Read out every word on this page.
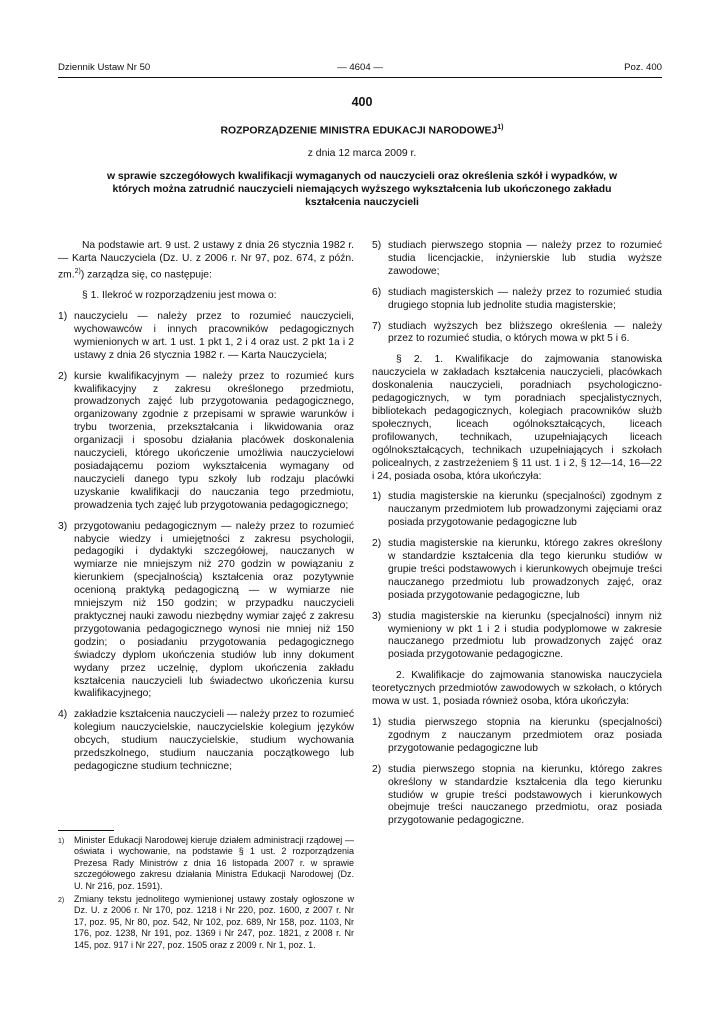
Dziennik Ustaw Nr 50	— 4604 —	Poz. 400
400
ROZPORZĄDZENIE MINISTRA EDUKACJI NARODOWEJ$^{1)}$
z dnia 12 marca 2009 r.
w sprawie szczegółowych kwalifikacji wymaganych od nauczycieli oraz określenia szkół i wypadków, w których można zatrudnić nauczycieli niemających wyższego wykształcenia lub ukończonego zakładu kształcenia nauczycieli

Na podstawie art. 9 ust. 2 ustawy z dnia 26 stycznia 1982 r. — Karta Nauczyciela (Dz. U. z 2006 r. Nr 97, poz. 674, z późn. zm.$^{2)}$) zarządza się, co następuje:

§ 1. Ilekroć w rozporządzeniu jest mowa o:

1) nauczycielu — należy przez to rozumieć nauczycieli, wychowawców i innych pracowników pedagogicznych wymienionych w art. 1 ust. 1 pkt 1, 2 i 4 oraz ust. 2 pkt 1a i 2 ustawy z dnia 26 stycznia 1982 r. — Karta Nauczyciela;
2) kursie kwalifikacyjnym — należy przez to rozumieć kurs kwalifikacyjny z zakresu określonego przedmiotu, prowadzonych zajęć lub przygotowania pedagogicznego, organizowany zgodnie z przepisami w sprawie warunków i trybu tworzenia, przekształcania i likwidowania oraz organizacji i sposobu działania placówek doskonalenia nauczycieli, którego ukończenie umożliwia nauczycielowi posiadającemu poziom wykształcenia wymagany od nauczycieli danego typu szkoły lub rodzaju placówki uzyskanie kwalifikacji do nauczania tego przedmiotu, prowadzenia tych zajęć lub przygotowania pedagogicznego;
3) przygotowaniu pedagogicznym — należy przez to rozumieć nabycie wiedzy i umiejętności z zakresu psychologii, pedagogiki i dydaktyki szczegółowej, nauczanych w wymiarze nie mniejszym niż 270 godzin w powiązaniu z kierunkiem (specjalnością) kształcenia oraz pozytywnie ocenioną praktyką pedagogiczną — w wymiarze nie mniejszym niż 150 godzin; w przypadku nauczycieli praktycznej nauki zawodu niezbędny wymiar zajęć z zakresu przygotowania pedagogicznego wynosi nie mniej niż 150 godzin; o posiadaniu przygotowania pedagogicznego świadczy dyplom ukończenia studiów lub inny dokument wydany przez uczelnię, dyplom ukończenia zakładu kształcenia nauczycieli lub świadectwo ukończenia kursu kwalifikacyjnego;
4) zakładzie kształcenia nauczycieli — należy przez to rozumieć kolegium nauczycielskie, nauczycielskie kolegium języków obcych, studium nauczycielskie, studium wychowania przedszkolnego, studium nauczania początkowego lub pedagogiczne studium techniczne;
1)	Minister Edukacji Narodowej kieruje działem administracji rządowej — oświata i wychowanie, na podstawie § 1 ust. 2 rozporządzenia Prezesa Rady Ministrów z dnia 16 listopada 2007 r. w sprawie szczegółowego zakresu działania Ministra Edukacji Narodowej (Dz. U. Nr 216, poz. 1591).
2)	Zmiany tekstu jednolitego wymienionej ustawy zostały ogłoszone w Dz. U. z 2006 r. Nr 170, poz. 1218 i Nr 220, poz. 1600, z 2007 r. Nr 17, poz. 95, Nr 80, poz. 542, Nr 102, poz. 689, Nr 158, poz. 1103, Nr 176, poz. 1238, Nr 191, poz. 1369 i Nr 247, poz. 1821, z 2008 r. Nr 145, poz. 917 i Nr 227, poz. 1505 oraz z 2009 r. Nr 1, poz. 1.
5) studiach pierwszego stopnia — należy przez to rozumieć studia licencjackie, inżynierskie lub studia wyższe zawodowe;
6) studiach magisterskich — należy przez to rozumieć studia drugiego stopnia lub jednolite studia magisterskie;
7) studiach wyższych bez bliższego określenia — należy przez to rozumieć studia, o których mowa w pkt 5 i 6.

§ 2. 1. Kwalifikacje do zajmowania stanowiska nauczyciela w zakładach kształcenia nauczycieli, placówkach doskonalenia nauczycieli, poradniach psychologiczno-pedagogicznych, w tym poradniach specjalistycznych, bibliotekach pedagogicznych, kolegiach pracowników służb społecznych, liceach ogólnokształcących, liceach profilowanych, technikach, uzupełniających liceach ogólnokształcących, technikach uzupełniających i szkołach policealnych, z zastrzeżeniem § 11 ust. 1 i 2, § 12—14, 16—22 i 24, posiada osoba, która ukończyła:

1) studia magisterskie na kierunku (specjalności) zgodnym z nauczanym przedmiotem lub prowadzonymi zajęciami oraz posiada przygotowanie pedagogiczne lub
2) studia magisterskie na kierunku, którego zakres określony w standardzie kształcenia dla tego kierunku studiów w grupie treści podstawowych i kierunkowych obejmuje treści nauczanego przedmiotu lub prowadzonych zajęć, oraz posiada przygotowanie pedagogiczne, lub
3) studia magisterskie na kierunku (specjalności) innym niż wymieniony w pkt 1 i 2 i studia podyplomowe w zakresie nauczanego przedmiotu lub prowadzonych zajęć oraz posiada przygotowanie pedagogiczne.

2. Kwalifikacje do zajmowania stanowiska nauczyciela teoretycznych przedmiotów zawodowych w szkołach, o których mowa w ust. 1, posiada również osoba, która ukończyła:

1) studia pierwszego stopnia na kierunku (specjalności) zgodnym z nauczanym przedmiotem oraz posiada przygotowanie pedagogiczne lub
2) studia pierwszego stopnia na kierunku, którego zakres określony w standardzie kształcenia dla tego kierunku studiów w grupie treści podstawowych i kierunkowych obejmuje treści nauczanego przedmiotu, oraz posiada przygotowanie pedagogiczne.
